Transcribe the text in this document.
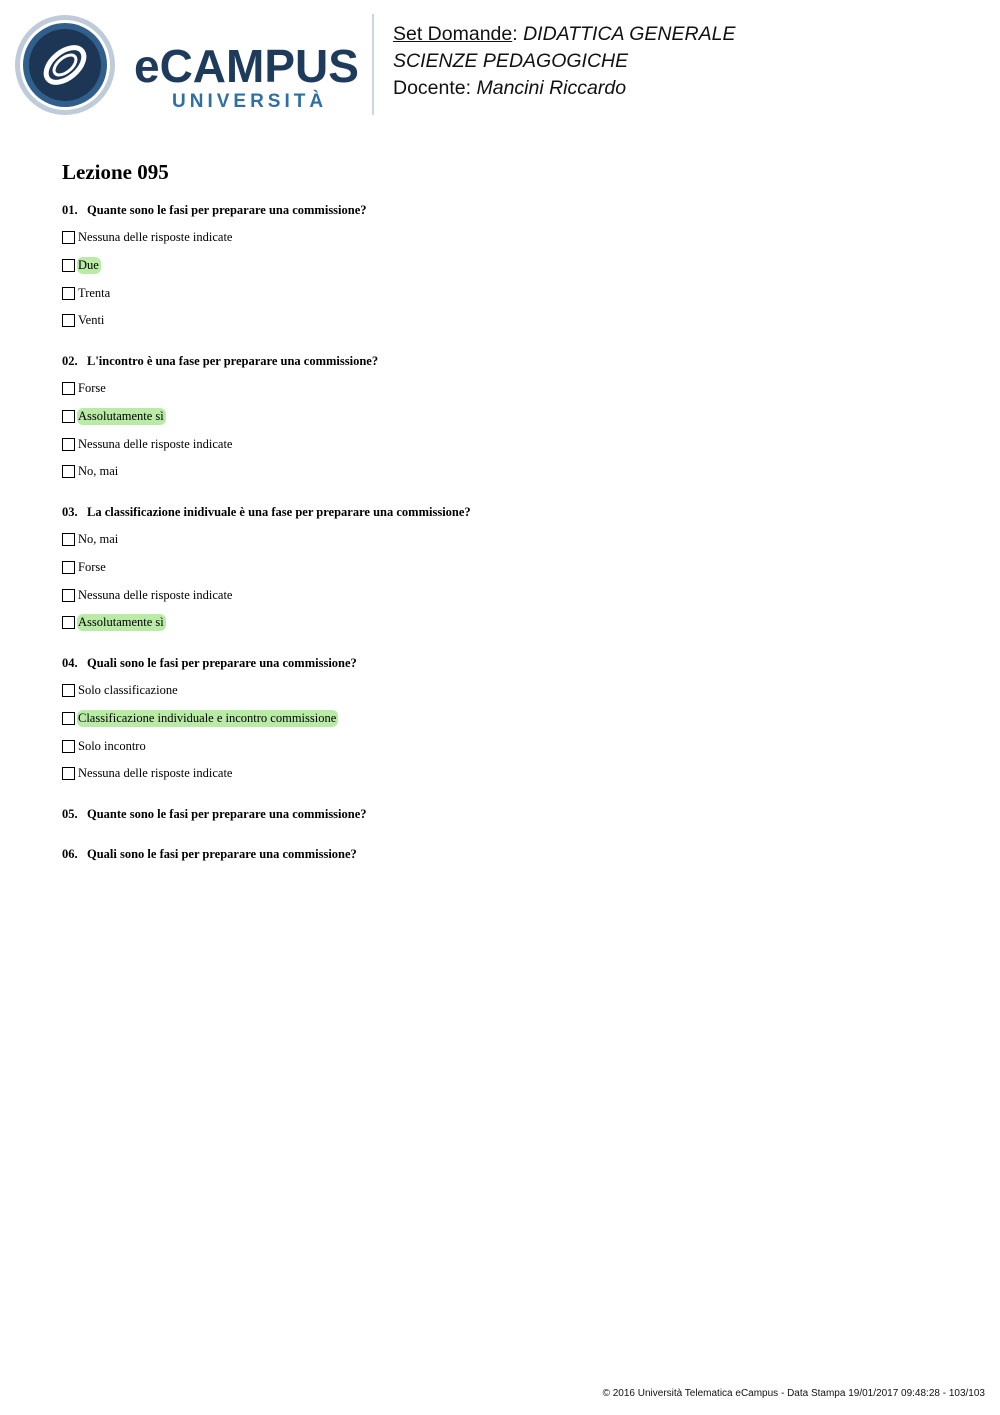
eCAMPUS
UNIVERSITÀ
Set Domande: DIDATTICA GENERALE
SCIENZE PEDAGOGICHE
Docente: Mancini Riccardo
Lezione 095
01. Quante sono le fasi per preparare una commissione?
Nessuna delle risposte indicate
Due
Trenta
Venti
02. L'incontro è una fase per preparare una commissione?
Forse
Assolutamente sì
Nessuna delle risposte indicate
No, mai
03. La classificazione inidivuale è una fase per preparare una commissione?
No, mai
Forse
Nessuna delle risposte indicate
Assolutamente sì
04. Quali sono le fasi per preparare una commissione?
Solo classificazione
Classificazione individuale e incontro commissione
Solo incontro
Nessuna delle risposte indicate
05. Quante sono le fasi per preparare una commissione?
06. Quali sono le fasi per preparare una commissione?
© 2016 Università Telematica eCampus - Data Stampa 19/01/2017 09:48:28 - 103/103
